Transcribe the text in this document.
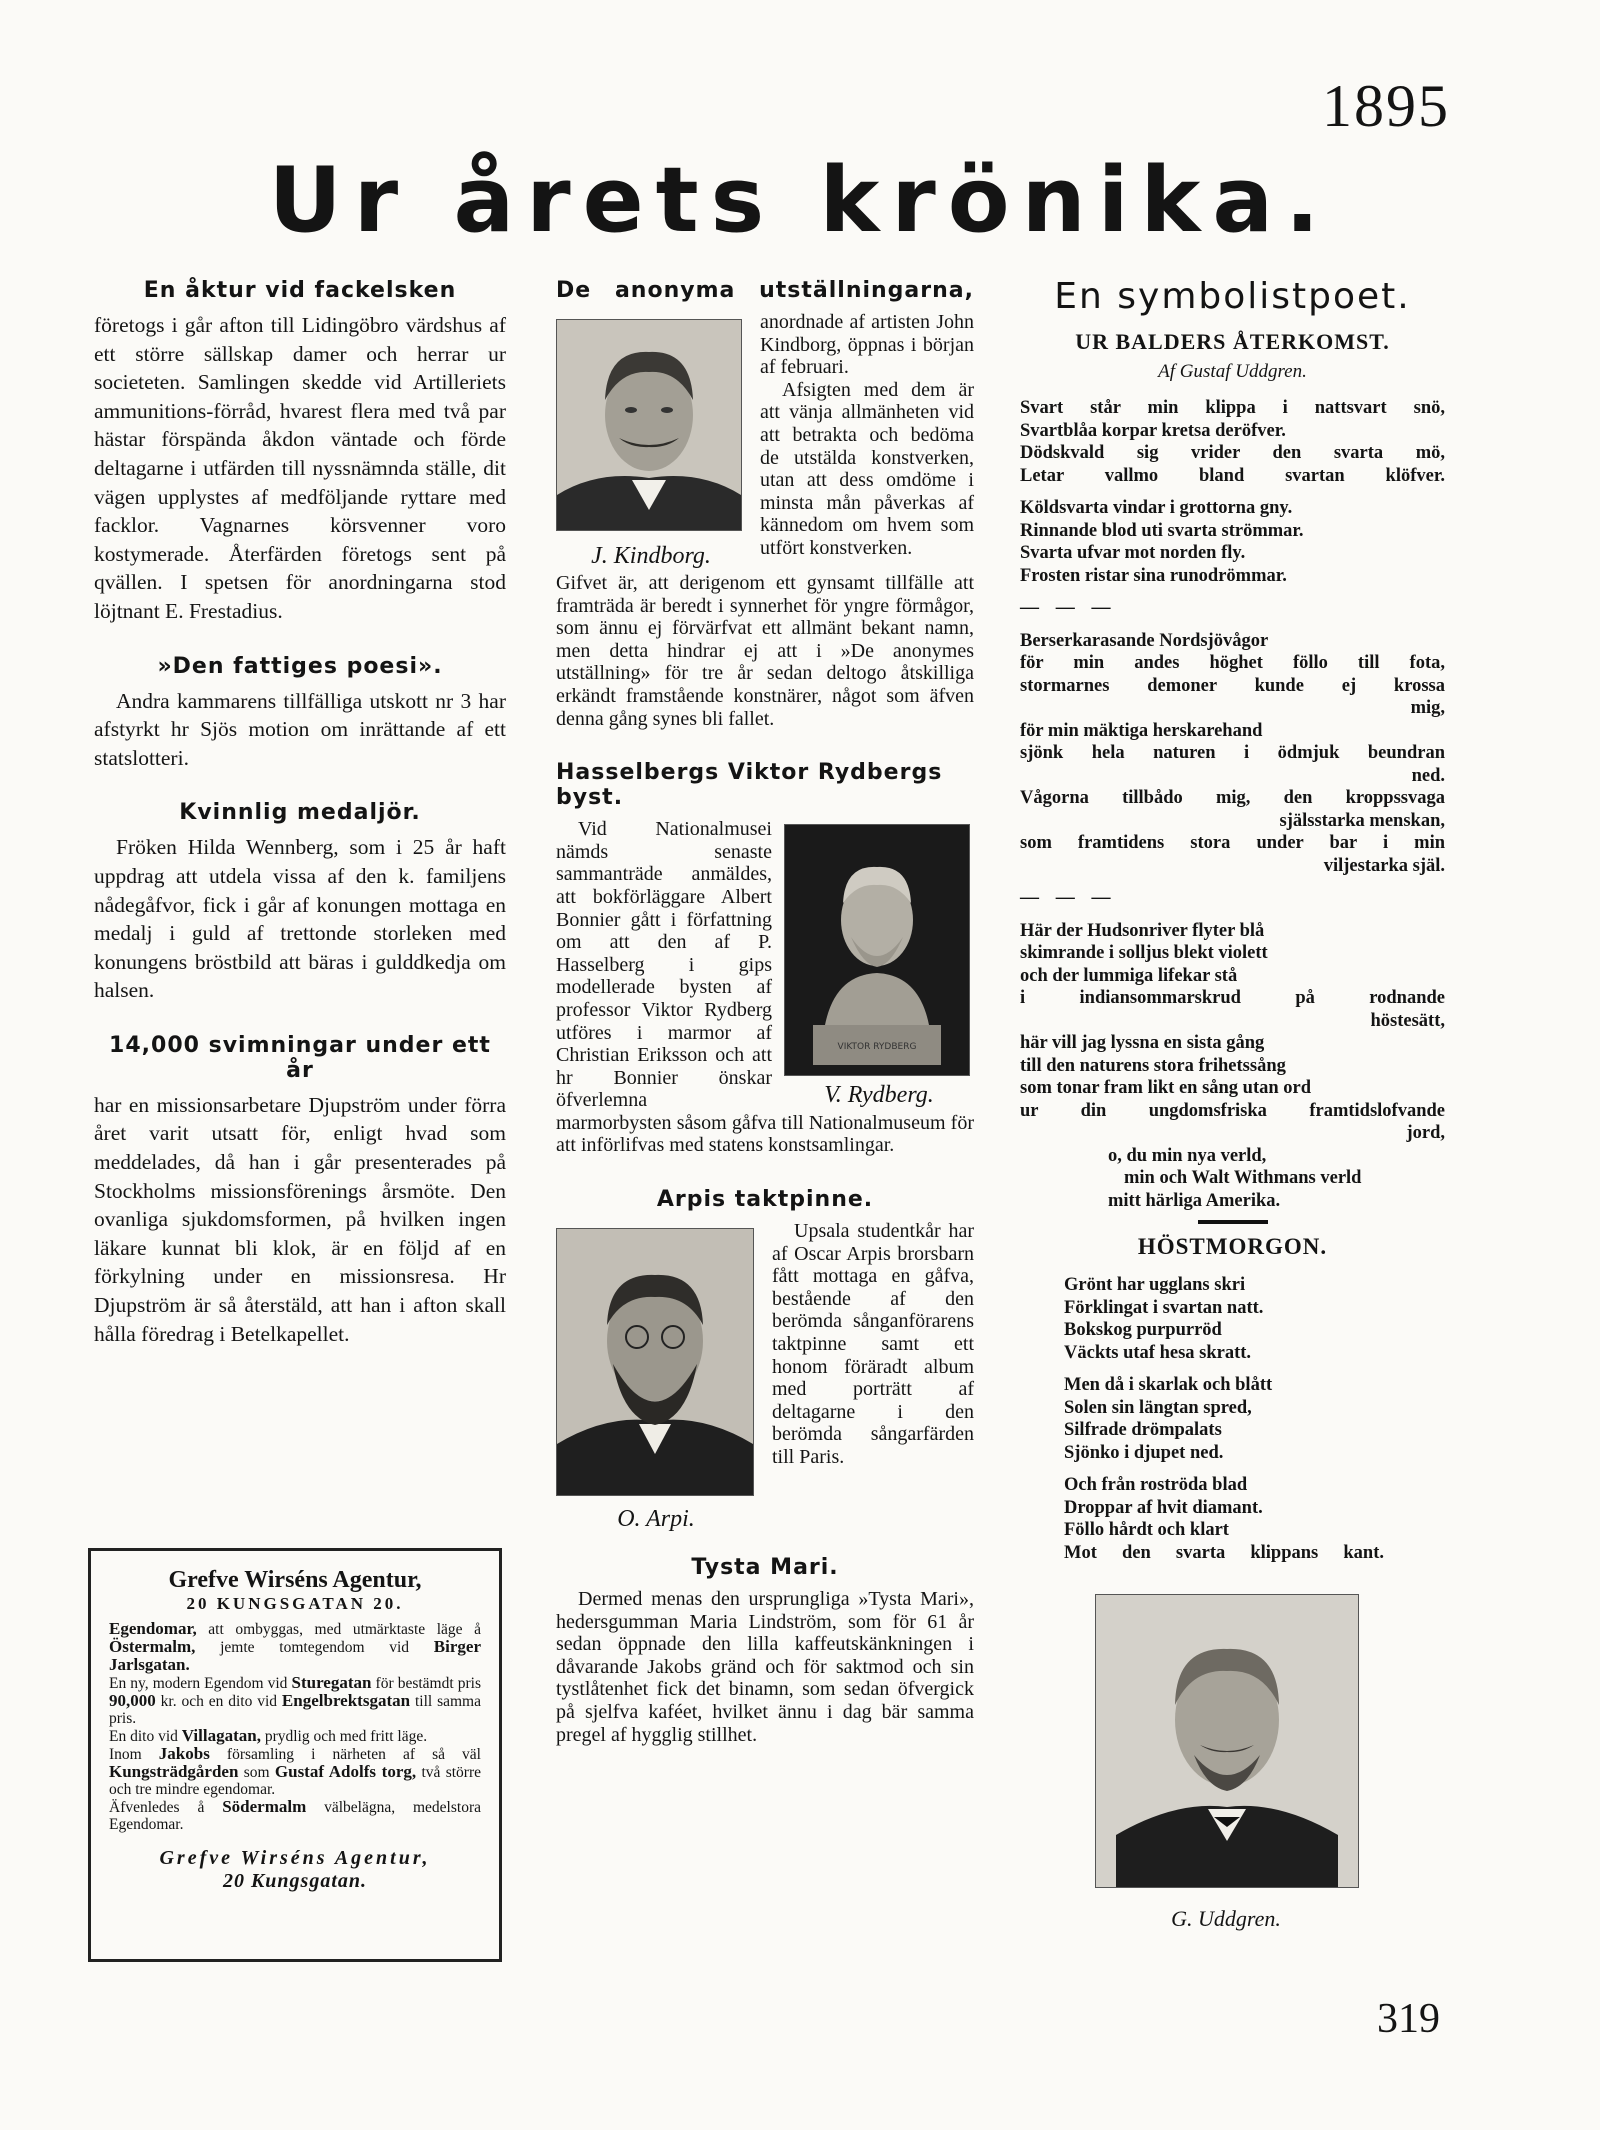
1895
Ur årets krönika.
En åktur vid fackelsken

företogs i går afton till Lidingöbro värdshus af ett större sällskap damer och herrar ur societeten. Samlingen skedde vid Artilleriets ammunitions-förråd, hvarest flera med två par hästar förspända åkdon väntade och förde deltagarne i utfärden till nyssnämnda ställe, dit vägen upplystes af medföljande ryttare med facklor. Vagnarnes körsvenner voro kostymerade. Återfärden företogs sent på qvällen. I spetsen för anordningarna stod löjtnant E. Frestadius.

»Den fattiges poesi».

Andra kammarens tillfälliga utskott nr 3 har afstyrkt hr Sjös motion om inrättande af ett statslotteri.

Kvinnlig medaljör.

Fröken Hilda Wennberg, som i 25 år haft uppdrag att utdela vissa af den k. familjens nådegåfvor, fick i går af konungen mottaga en medalj i guld af trettonde storleken med konungens bröstbild att bäras i gulddkedja om halsen.

14,000 svimningar under ett år

har en missionsarbetare Djupström under förra året varit utsatt för, enligt hvad som meddelades, då han i går presenterades på Stockholms missionsförenings årsmöte. Den ovanliga sjukdomsformen, på hvilken ingen läkare kunnat bli klok, är en följd af en förkylning under en missionsresa. Hr Djupström är så återstäld, att han i afton skall hålla föredrag i Betelkapellet.

Grefve Wirséns Agentur,
20 KUNGSGATAN 20.
Egendomar, att ombyggas, med utmärktaste läge å Östermalm, jemte tomtegendom vid Birger Jarlsgatan.
En ny, modern Egendom vid Sturegatan för bestämdt pris 90,000 kr. och en dito vid Engelbrektsgatan till samma pris.
En dito vid Villagatan, prydlig och med fritt läge.
Inom Jakobs församling i närheten af så väl Kungsträdgården som Gustaf Adolfs torg, två större och tre mindre egendomar.
Äfvenledes å Södermalm välbelägna, medelstora Egendomar.
Grefve Wirséns Agentur,
20 Kungsgatan.
De anonyma utställningarna,
J. Kindborg.

anordnade af artisten John Kindborg, öppnas i början af februari.

Afsigten med dem är att vänja allmänheten vid att betrakta och bedöma de utstälda konstverken, utan att dess omdöme i minsta mån påverkas af kännedom om hvem som utfört konstverken.

Gifvet är, att derigenom ett gynsamt tillfälle att framträda är beredt i synnerhet för yngre förmågor, som ännu ej förvärfvat ett allmänt bekant namn, men detta hindrar ej att i »De anonymes utställning» för tre år sedan deltogo åtskilliga erkändt framstående konstnärer, något som äfven denna gång synes bli fallet.

Hasselbergs Viktor Rydbergs byst.
VIKTOR RYDBERG
V. Rydberg.

Vid Nationalmusei nämds senaste sammanträde anmäldes, att bokförläggare Albert Bonnier gått i författning om att den af P. Hasselberg i gips modellerade bysten af professor Viktor Rydberg utföres i marmor af Christian Eriksson och att hr Bonnier önskar öfverlemna

marmorbysten såsom gåfva till Nationalmuseum för att införlifvas med statens konstsamlingar.

Arpis taktpinne.
O. Arpi.

Upsala studentkår har af Oscar Arpis brorsbarn fått mottaga en gåfva, bestående af den berömda sånganförarens taktpinne samt ett honom föräradt album med porträtt af deltagarne i den berömda sångarfärden till Paris.

Tysta Mari.

Dermed menas den ursprungliga »Tysta Mari», hedersgumman Maria Lindström, som för 61 år sedan öppnade den lilla kaffeutskänkningen i dåvarande Jakobs gränd och för saktmod och sin tystlåtenhet fick det binamn, som sedan öfvergick på sjelfva kaféet, hvilket ännu i dag bär samma pregel af hygglig stillhet.

En symbolistpoet.
UR BALDERS ÅTERKOMST.
Af Gustaf Uddgren.
Svart står min klippa i nattsvart snö,
Svartblåa korpar kretsa deröfver.
Dödskvald sig vrider den svarta mö,
Letar vallmo bland svartan klöfver.
Köldsvarta vindar i grottorna gny.
Rinnande blod uti svarta strömmar.
Svarta ufvar mot norden fly.
Frosten ristar sina runodrömmar.
— — —
Berserkarasande Nordsjövågor
för min andes höghet föllo till fota,
stormarnes demoner kunde ej krossa
mig,
för min mäktiga herskarehand
sjönk hela naturen i ödmjuk beundran
ned.
Vågorna tillbådo mig, den kroppssvaga
själsstarka menskan,
som framtidens stora under bar i min
viljestarka själ.
— — —
Här der Hudsonriver flyter blå
skimrande i solljus blekt violett
och der lummiga lifekar stå
i indiansommarskrud på rodnande
höstesätt,
här vill jag lyssna en sista gång
till den naturens stora frihetssång
som tonar fram likt en sång utan ord
ur din ungdomsfriska framtidslofvande
jord,
o, du min nya verld,
min och Walt Withmans verld
mitt härliga Amerika.
HÖSTMORGON.
Grönt har ugglans skri
Förklingat i svartan natt.
Bokskog purpurröd
Väckts utaf hesa skratt.
Men då i skarlak och blått
Solen sin längtan spred,
Silfrade drömpalats
Sjönko i djupet ned.
Och från roströda blad
Droppar af hvit diamant.
Föllo hårdt och klart
Mot den svarta klippans kant.
G. Uddgren.
319
